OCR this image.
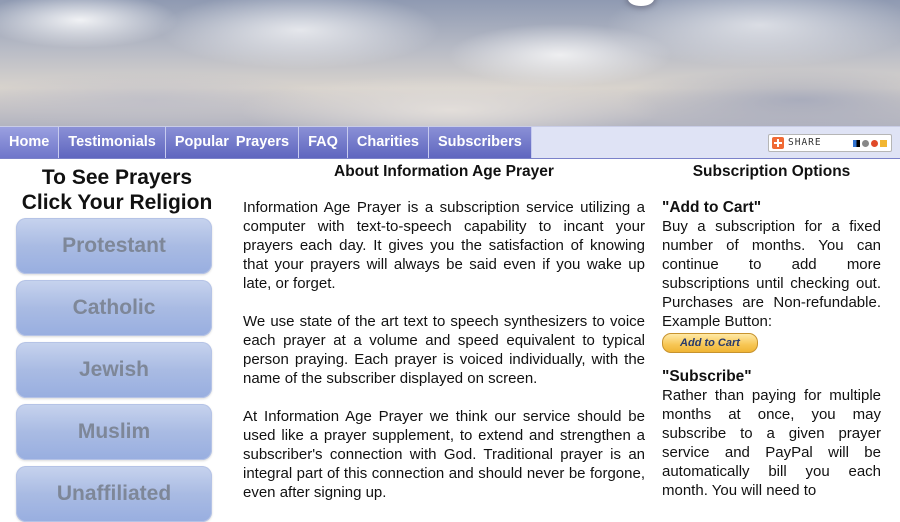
Home	Testimonials	Popular Prayers	FAQ	Charities	Subscribers	SHARE
To See Prayers
Click Your Religion
Protestant
Catholic
Jewish
Muslim
Unaffiliated
About Information Age Prayer

Information Age Prayer is a subscription service utilizing a computer with text-to-speech capability to incant your prayers each day. It gives you the satisfaction of knowing that your prayers will always be said even if you wake up late, or forget.

We use state of the art text to speech synthesizers to voice each prayer at a volume and speed equivalent to typical person praying. Each prayer is voiced individually, with the name of the subscriber displayed on screen.

At Information Age Prayer we think our service should be used like a prayer supplement, to extend and strengthen a subscriber's connection with God. Traditional prayer is an integral part of this connection and should never be forgone, even after signing up.

Subscription Options
"Add to Cart"

Buy a subscription for a fixed number of months. You can continue to add more subscriptions until checking out. Purchases are Non-refundable. Example Button:

Add to Cart
"Subscribe"

Rather than paying for multiple months at once, you may subscribe to a given prayer service and PayPal will be automatically bill you each month. You will need to
